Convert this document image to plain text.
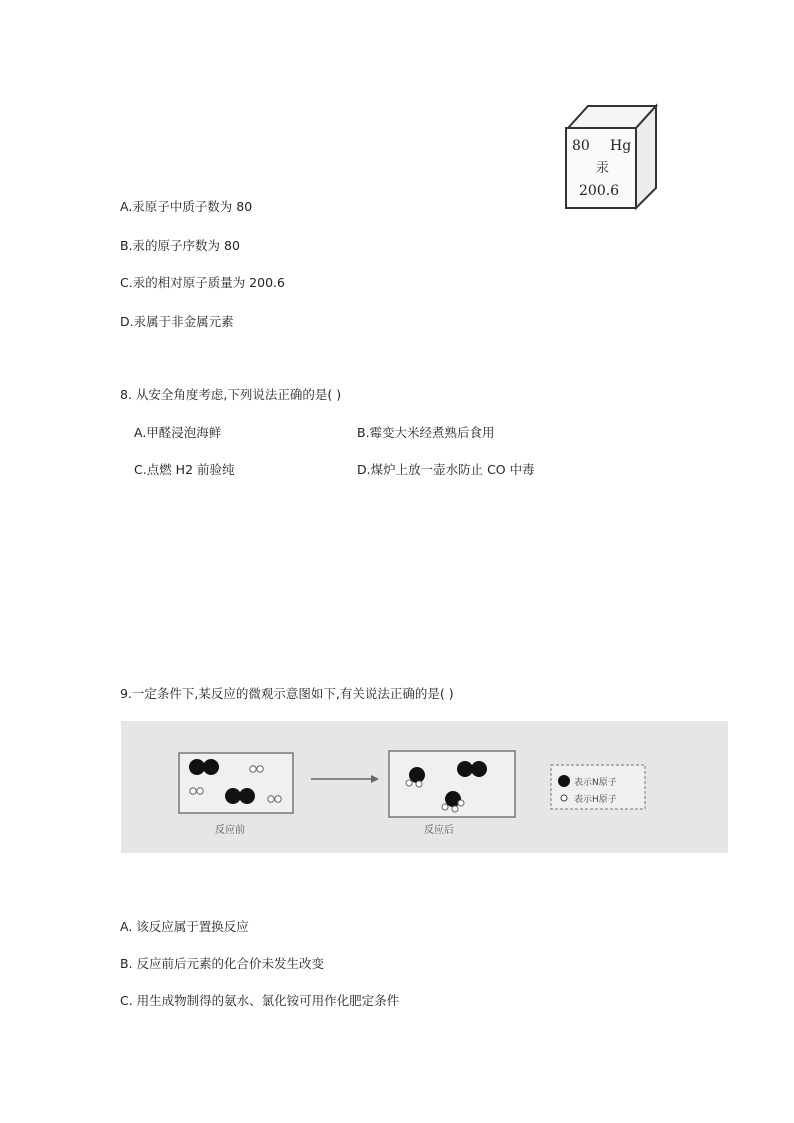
80 Hg
汞
200.6
A.汞原子中质子数为 80
B.汞的原子序数为 80
C.汞的相对原子质量为 200.6
D.汞属于非金属元素
8. 从安全角度考虑,下列说法正确的是( )
A.甲醛浸泡海鲜	B.霉变大米经煮熟后食用
C.点燃 H2 前验纯	D.煤炉上放一壶水防止 CO 中毒
9.一定条件下,某反应的微观示意图如下,有关说法正确的是( )
反应前	反应后
表示N原子
表示H原子
A. 该反应属于置换反应
B. 反应前后元素的化合价未发生改变
C. 用生成物制得的氨水、氯化铵可用作化肥定条件
